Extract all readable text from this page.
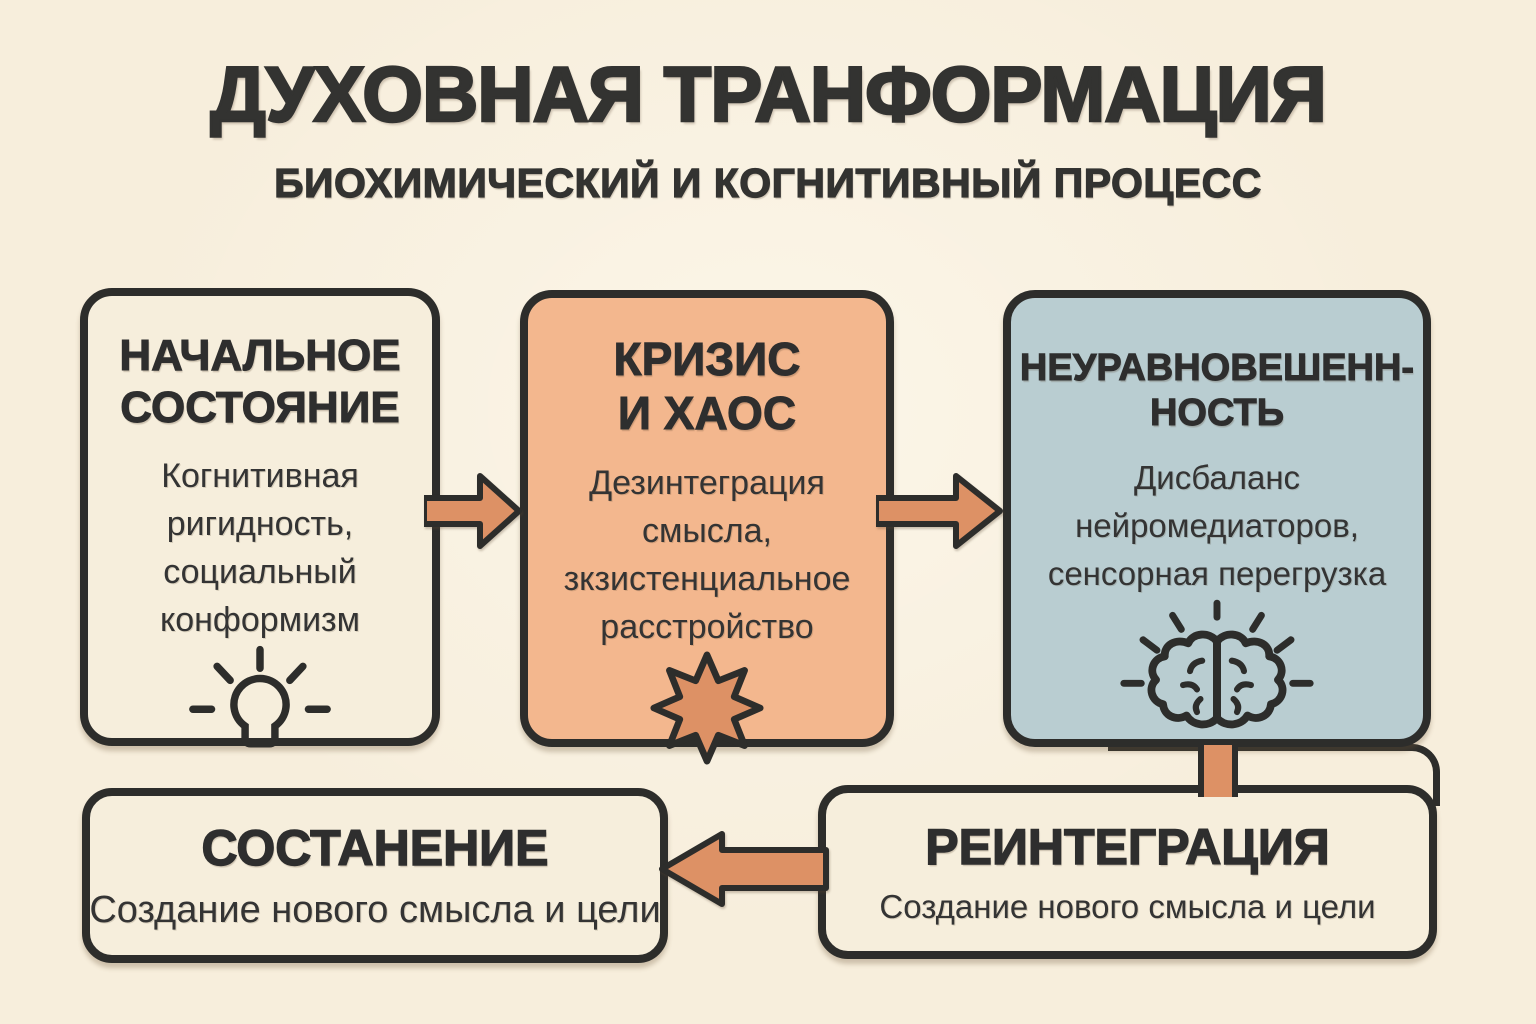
ДУХОВНАЯ ТРАНФОРМАЦИЯ
БИОХИМИЧЕСКИЙ И КОГНИТИВНЫЙ ПРОЦЕСС
НАЧАЛЬНОЕ
СОСТОЯНИЕ
Когнитивная
ригидность,
социальный
конформизм
КРИЗИС
И ХАОС
Дезинтеграция
смысла,
зкзистенциальное
расстройство
НЕУРАВНОВЕШЕНН-
НОСТЬ
Дисбаланс
нейромедиаторов,
сенсорная перегрузка
РЕИНТЕГРАЦИЯ
Создание нового смысла и цели
СОСТАНЕНИЕ
Создание нового смысла и цели
